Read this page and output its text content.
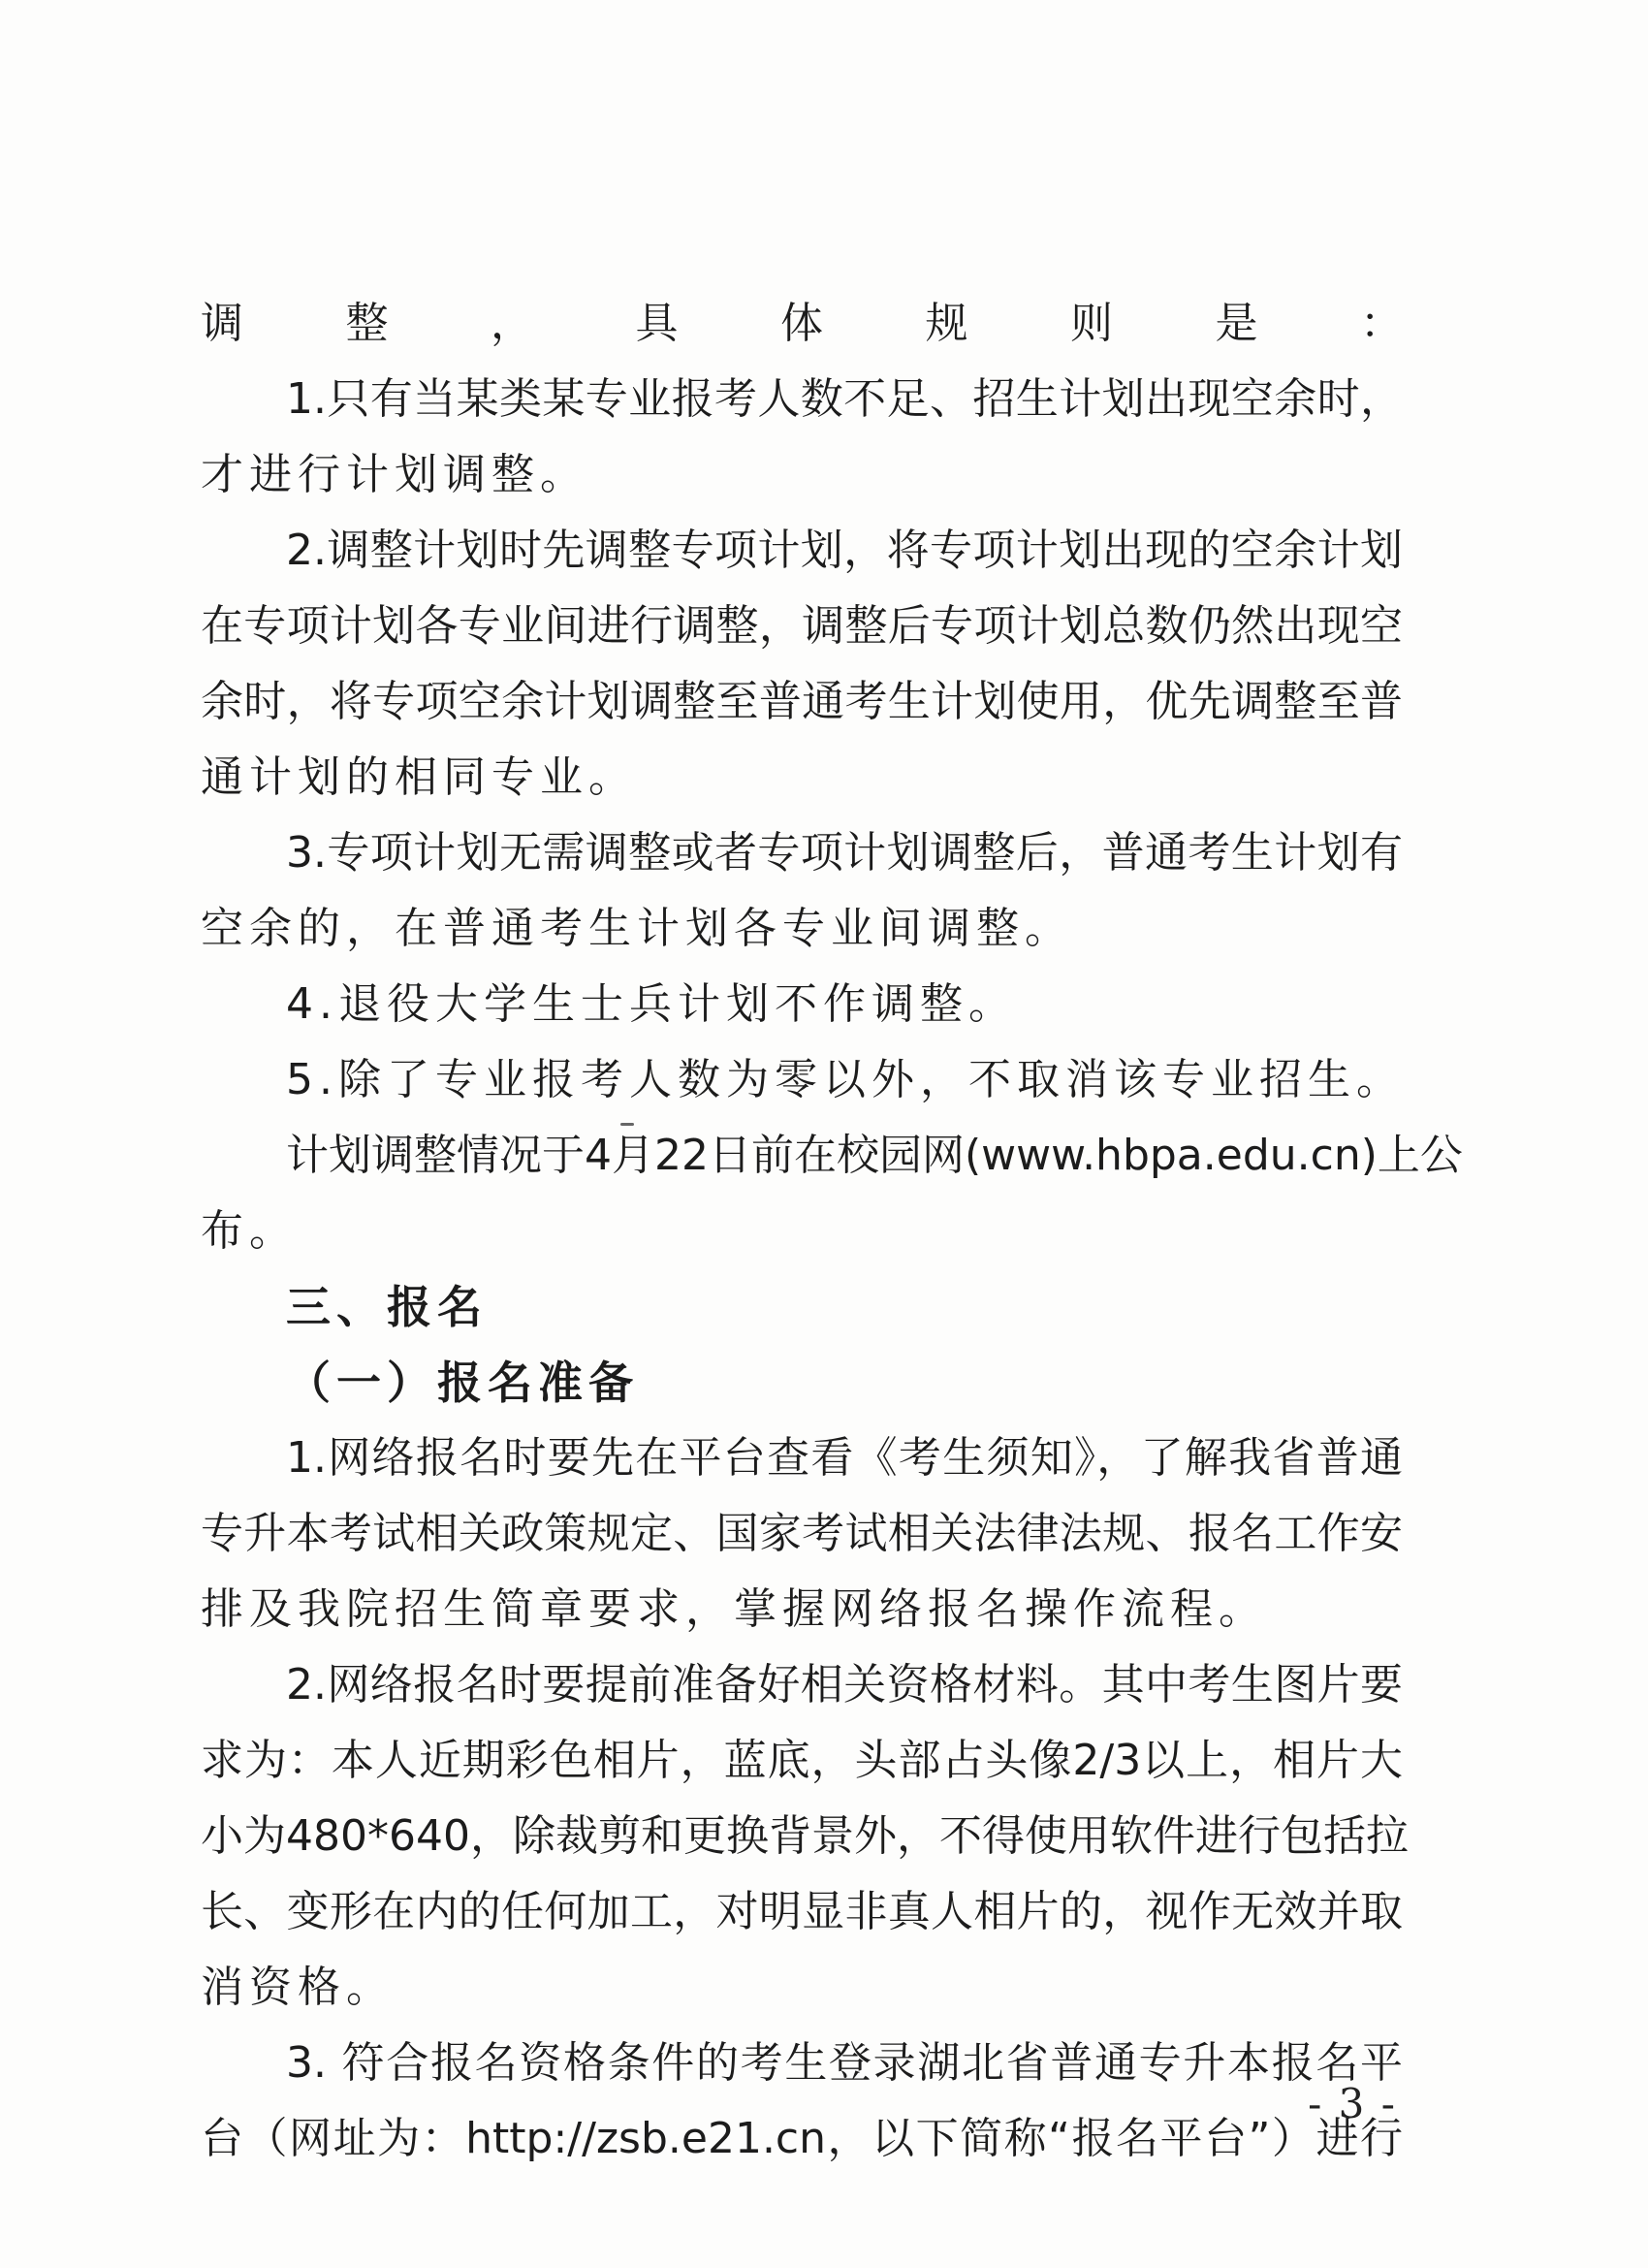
调整，具体规则是：
1.只有当某类某专业报考人数不足、招生计划出现空余时，
才进行计划调整。
2.调整计划时先调整专项计划，将专项计划出现的空余计划
在专项计划各专业间进行调整，调整后专项计划总数仍然出现空
余时，将专项空余计划调整至普通考生计划使用，优先调整至普
通计划的相同专业。
3.专项计划无需调整或者专项计划调整后，普通考生计划有
空余的，在普通考生计划各专业间调整。
4.退役大学生士兵计划不作调整。
5.除了专业报考人数为零以外，不取消该专业招生。
计划调整情况于4月22日前在校园网(www.hbpa.edu.cn)上公
布。
三、报名
（一）报名准备
1.网络报名时要先在平台查看《考生须知》，了解我省普通
专升本考试相关政策规定、国家考试相关法律法规、报名工作安
排及我院招生简章要求，掌握网络报名操作流程。
2.网络报名时要提前准备好相关资格材料。其中考生图片要
求为：本人近期彩色相片，蓝底，头部占头像2/3以上，相片大
小为480*640，除裁剪和更换背景外，不得使用软件进行包括拉
长、变形在内的任何加工，对明显非真人相片的，视作无效并取
消资格。
3. 符合报名资格条件的考生登录湖北省普通专升本报名平
台（网址为：http://zsb.e21.cn，以下简称“报名平台”）进行
- 3 -
